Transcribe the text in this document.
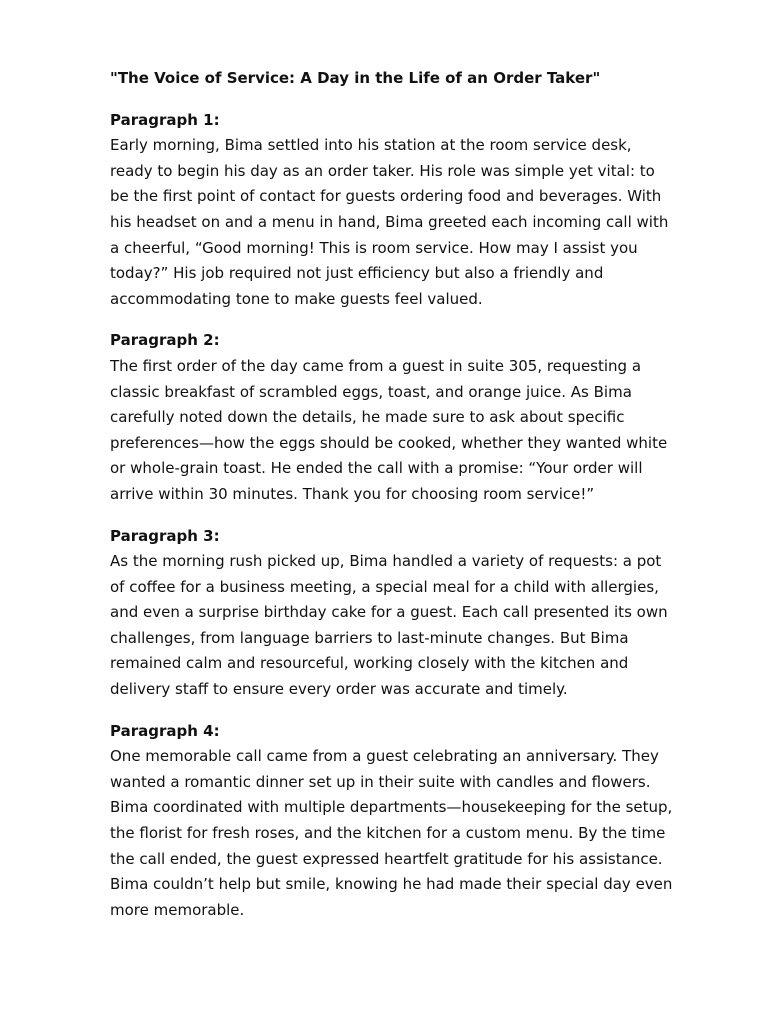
"The Voice of Service: A Day in the Life of an Order Taker"
Paragraph 1:
Early morning, Bima settled into his station at the room service desk,
ready to begin his day as an order taker. His role was simple yet vital: to
be the first point of contact for guests ordering food and beverages. With
his headset on and a menu in hand, Bima greeted each incoming call with
a cheerful, “Good morning! This is room service. How may I assist you
today?” His job required not just efficiency but also a friendly and
accommodating tone to make guests feel valued.
Paragraph 2:
The first order of the day came from a guest in suite 305, requesting a
classic breakfast of scrambled eggs, toast, and orange juice. As Bima
carefully noted down the details, he made sure to ask about specific
preferences—how the eggs should be cooked, whether they wanted white
or whole-grain toast. He ended the call with a promise: “Your order will
arrive within 30 minutes. Thank you for choosing room service!”
Paragraph 3:
As the morning rush picked up, Bima handled a variety of requests: a pot
of coffee for a business meeting, a special meal for a child with allergies,
and even a surprise birthday cake for a guest. Each call presented its own
challenges, from language barriers to last-minute changes. But Bima
remained calm and resourceful, working closely with the kitchen and
delivery staff to ensure every order was accurate and timely.
Paragraph 4:
One memorable call came from a guest celebrating an anniversary. They
wanted a romantic dinner set up in their suite with candles and flowers.
Bima coordinated with multiple departments—housekeeping for the setup,
the florist for fresh roses, and the kitchen for a custom menu. By the time
the call ended, the guest expressed heartfelt gratitude for his assistance.
Bima couldn’t help but smile, knowing he had made their special day even
more memorable.
